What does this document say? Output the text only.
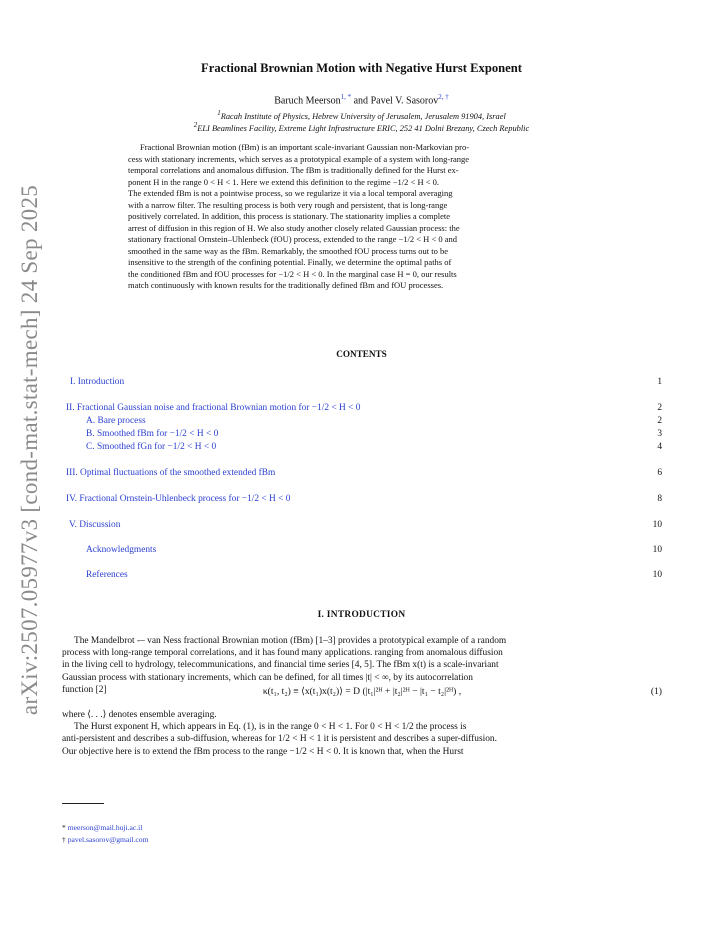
arXiv:2507.05977v3 [cond-mat.stat-mech] 24 Sep 2025
Fractional Brownian Motion with Negative Hurst Exponent
Baruch Meerson$^{1, *}$ and Pavel V. Sasorov$^{2, \dagger}$
$^1$Racah Institute of Physics, Hebrew University of Jerusalem, Jerusalem 91904, Israel
$^2$ELI Beamlines Facility, Extreme Light Infrastructure ERIC, 252 41 Dolni Brezany, Czech Republic
Fractional Brownian motion (fBm) is an important scale-invariant Gaussian non-Markovian pro-
cess with stationary increments, which serves as a prototypical example of a system with long-range
temporal correlations and anomalous diffusion. The fBm is traditionally defined for the Hurst ex-
ponent H in the range 0 < H < 1. Here we extend this definition to the regime −1/2 < H < 0.
The extended fBm is not a pointwise process, so we regularize it via a local temporal averaging
with a narrow filter. The resulting process is both very rough and persistent, that is long-range
positively correlated. In addition, this process is stationary. The stationarity implies a complete
arrest of diffusion in this region of H. We also study another closely related Gaussian process: the
stationary fractional Ornstein–Uhlenbeck (fOU) process, extended to the range −1/2 < H < 0 and
smoothed in the same way as the fBm. Remarkably, the smoothed fOU process turns out to be
insensitive to the strength of the confining potential. Finally, we determine the optimal paths of
the conditioned fBm and fOU processes for −1/2 < H < 0. In the marginal case H = 0, our results
match continuously with known results for the traditionally defined fBm and fOU processes.
CONTENTS
I. Introduction	1
II. Fractional Gaussian noise and fractional Brownian motion for −1/2 < H < 0	2
A. Bare process	2
B. Smoothed fBm for −1/2 < H < 0	3
C. Smoothed fGn for −1/2 < H < 0	4
III. Optimal fluctuations of the smoothed extended fBm	6
IV. Fractional Ornstein-Uhlenbeck process for −1/2 < H < 0	8
V. Discussion	10
Acknowledgments	10
References	10
I. INTRODUCTION
The Mandelbrot -– van Ness fractional Brownian motion (fBm) [1–3] provides a prototypical example of a random
process with long-range temporal correlations, and it has found many applications. ranging from anomalous diffusion
in the living cell to hydrology, telecommunications, and financial time series [4, 5]. The fBm x(t) is a scale-invariant
Gaussian process with stationary increments, which can be defined, for all times |t| < ∞, by its autocorrelation
function [2]	κ(t₁, t₂) ≡ ⟨x(t₁)x(t₂)⟩ = D (|t₁|²ᴴ + |t₂|²ᴴ − |t₁ − t₂|²ᴴ) ,	(1)
where ⟨. . .⟩ denotes ensemble averaging.
The Hurst exponent H, which appears in Eq. (1), is in the range 0 < H < 1. For 0 < H < 1/2 the process is
anti-persistent and describes a sub-diffusion, whereas for 1/2 < H < 1 it is persistent and describes a super-diffusion.
Our objective here is to extend the fBm process to the range −1/2 < H < 0. It is known that, when the Hurst
* meerson@mail.huji.ac.il
† pavel.sasorov@gmail.com
